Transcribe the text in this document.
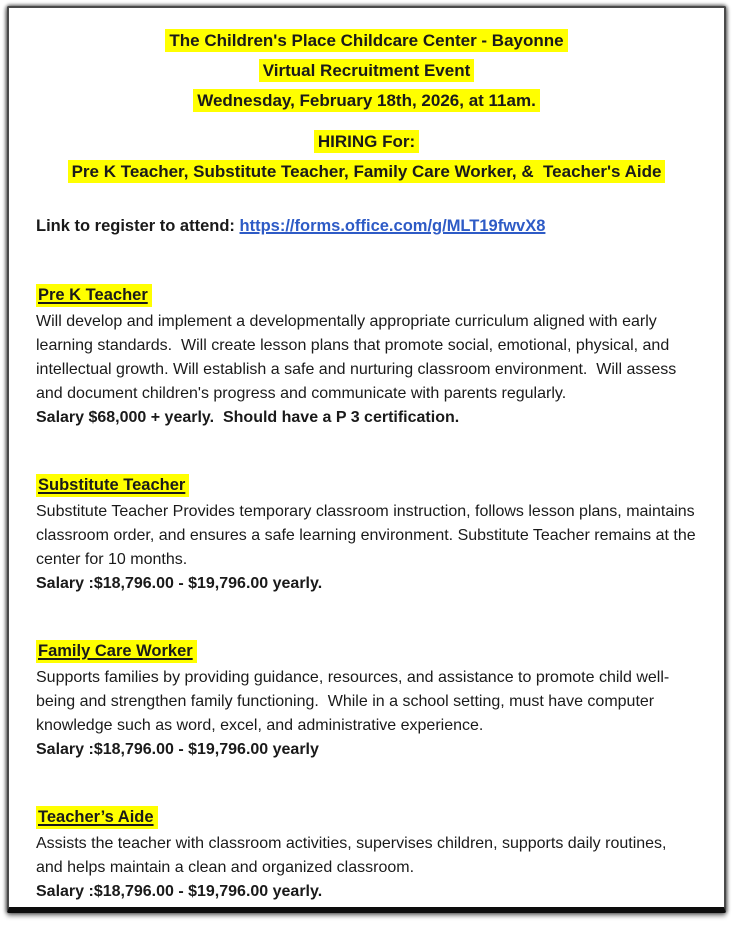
The Children's Place Childcare Center - Bayonne
Virtual Recruitment Event
Wednesday, February 18th, 2026, at 11am.
HIRING For:
Pre K Teacher, Substitute Teacher, Family Care Worker, &  Teacher's Aide

Link to register to attend: https://forms.office.com/g/MLT19fwvX8

Pre K Teacher
Will develop and implement a developmentally appropriate curriculum aligned with early learning standards.  Will create lesson plans that promote social, emotional, physical, and intellectual growth. Will establish a safe and nurturing classroom environment.  Will assess and document children's progress and communicate with parents regularly.
Salary $68,000 + yearly.  Should have a P 3 certification.
Substitute Teacher
Substitute Teacher Provides temporary classroom instruction, follows lesson plans, maintains classroom order, and ensures a safe learning environment. Substitute Teacher remains at the center for 10 months.
Salary :$18,796.00 - $19,796.00 yearly.
Family Care Worker
Supports families by providing guidance, resources, and assistance to promote child well-being and strengthen family functioning.  While in a school setting, must have computer knowledge such as word, excel, and administrative experience.
Salary :$18,796.00 - $19,796.00 yearly
Teacher’s Aide
Assists the teacher with classroom activities, supervises children, supports daily routines, and helps maintain a clean and organized classroom.
Salary :$18,796.00 - $19,796.00 yearly.
